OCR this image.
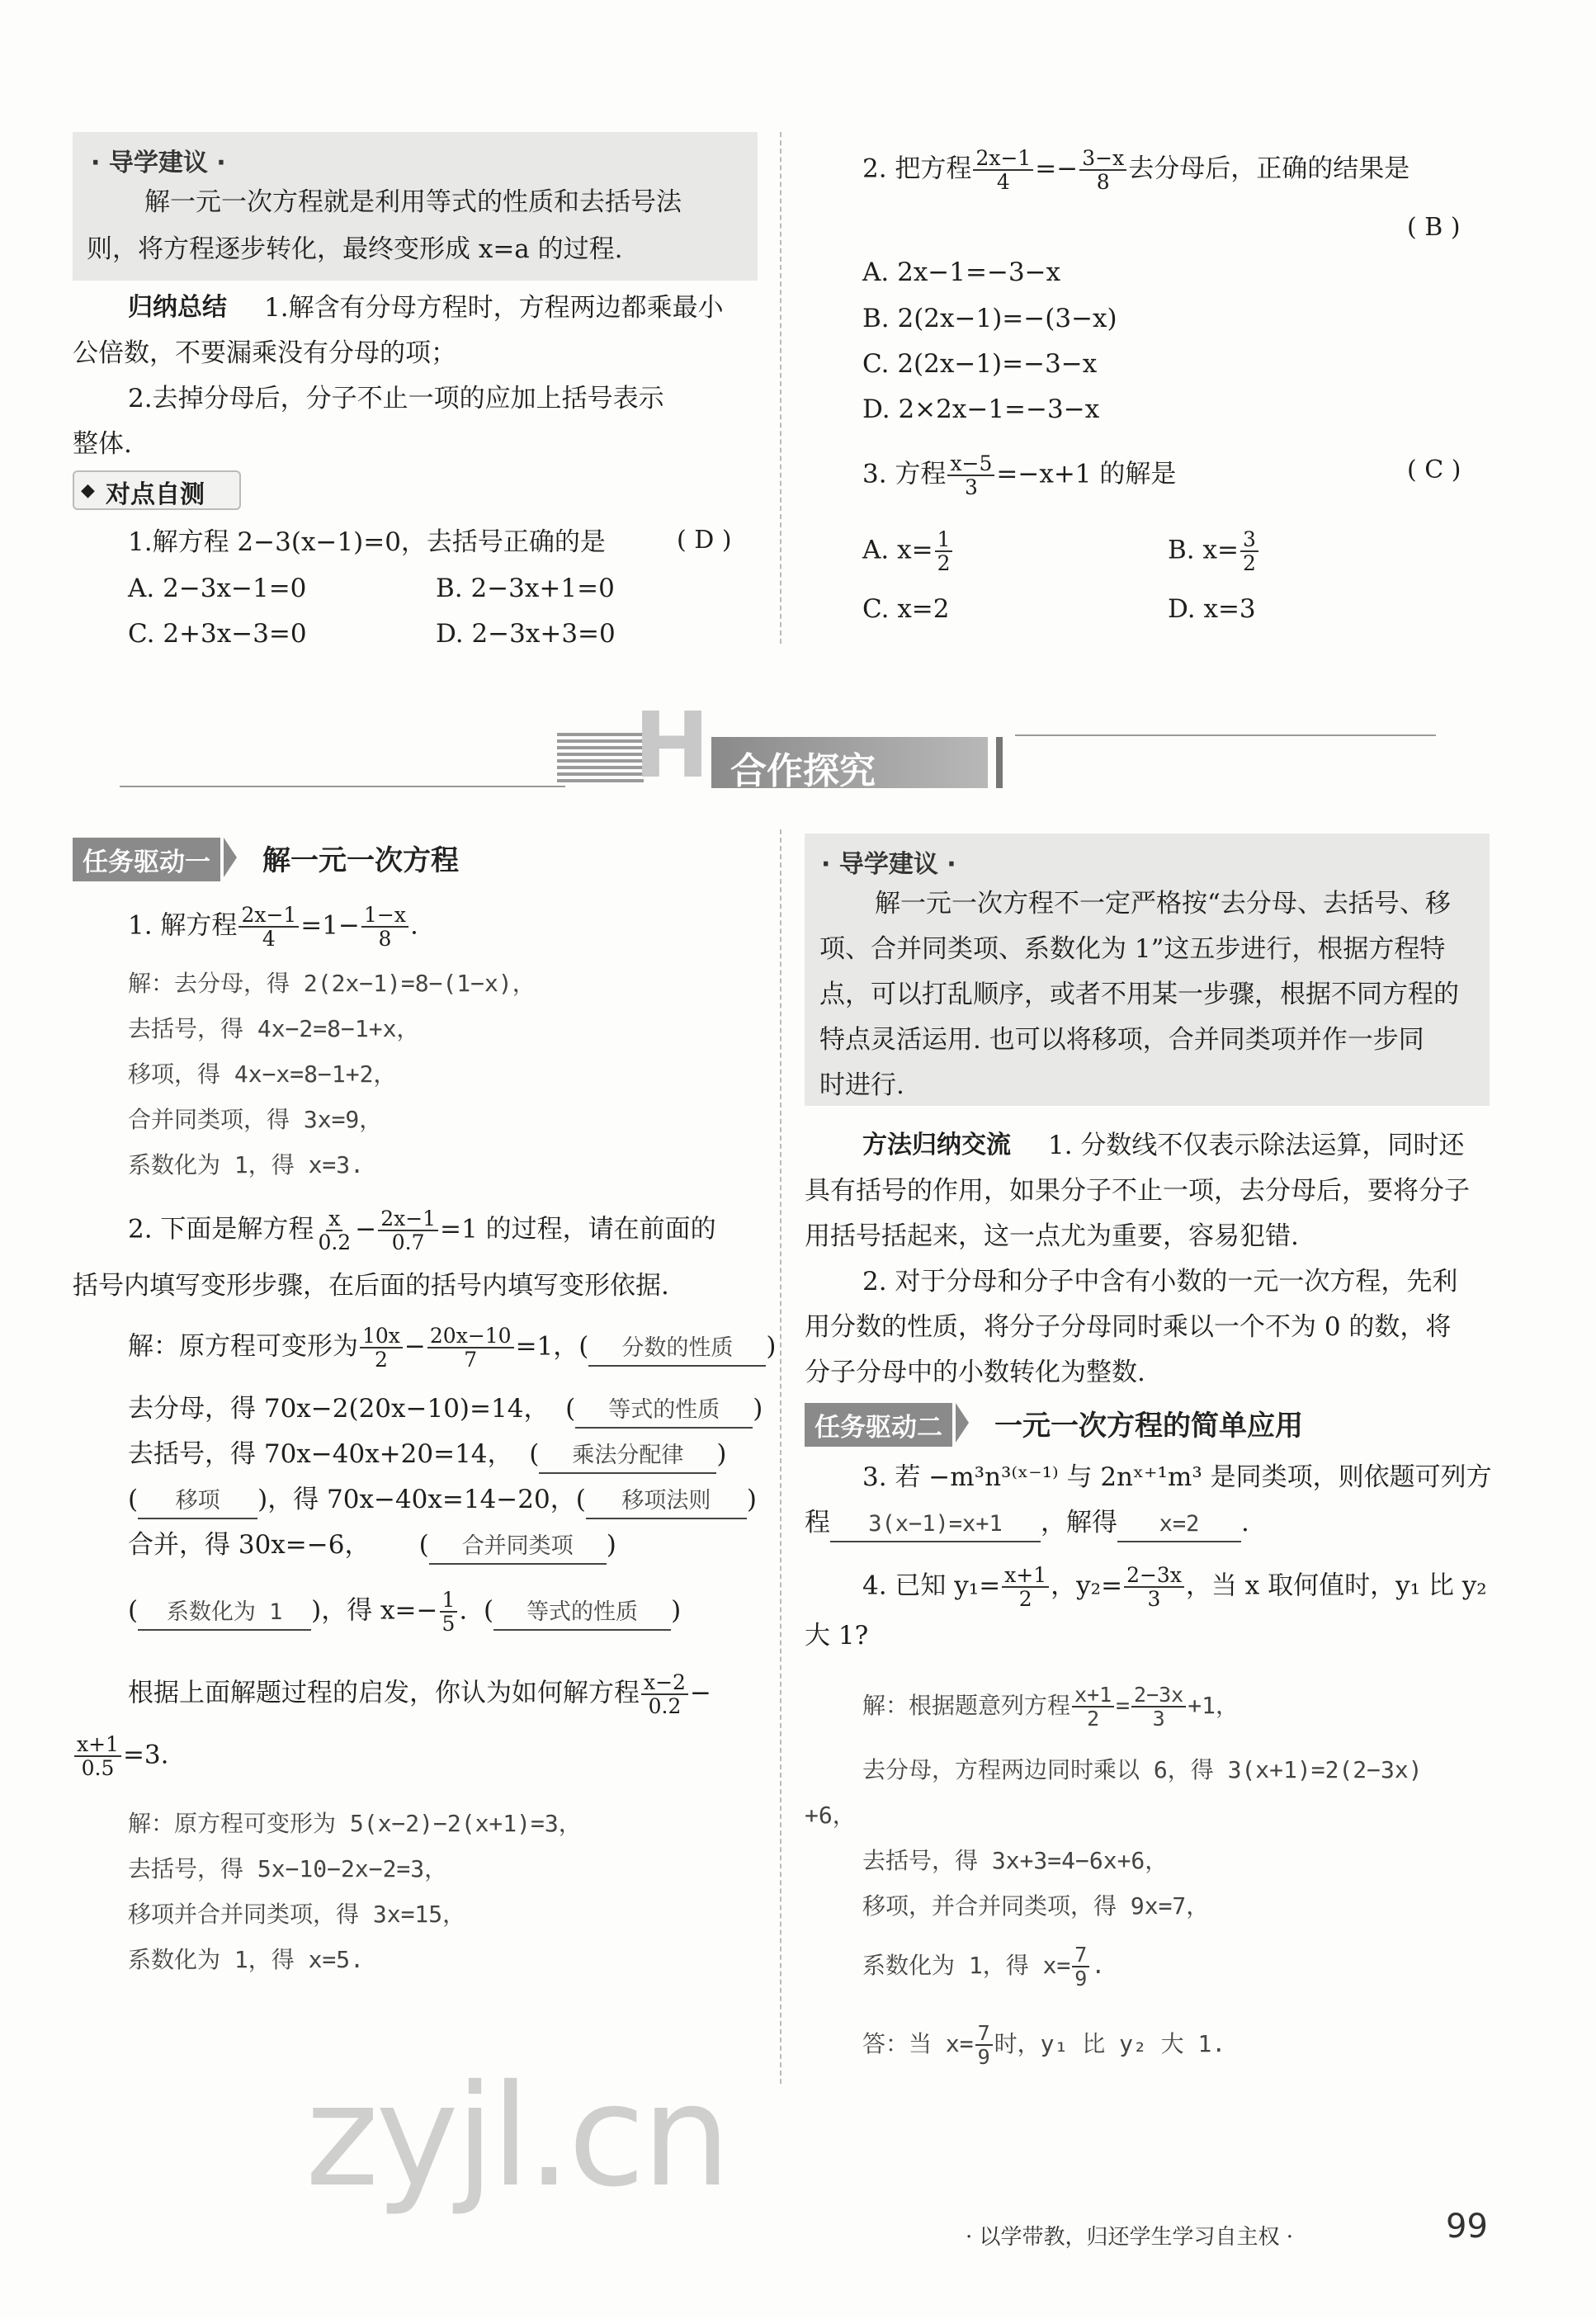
· 导学建议 ·
解一元一次方程就是利用等式的性质和去括号法
则，将方程逐步转化，最终变形成 x=a 的过程.
归纳总结 1.解含有分母方程时，方程两边都乘最小
公倍数，不要漏乘没有分母的项；
2.去掉分母后，分子不止一项的应加上括号表示
整体.
对点自测
◆
1.解方程 2−3(x−1)=0，去括号正确的是	( D )
A. 2−3x−1=0	B. 2−3x+1=0
C. 2+3x−3=0	D. 2−3x+3=0
2. 把方程 $\frac{2x-1}{4} =- \frac{3-x}{8}$ 去分母后，正确的结果是
( B )
A. 2x−1=−3−x
B. 2(2x−1)=−(3−x)
C. 2(2x−1)=−3−x
D. 2×2x−1=−3−x
3. 方程 $\frac{x-5}{3} =-x+1$ 的解是	( C )
A. $x= \frac{1}{2}$	B. $x= \frac{3}{2}$
C. x=2	D. x=3
H 合作探究
任务驱动一	解一元一次方程
1. 解方程 $\frac{2x-1}{4} =1- \frac{1-x}{8}$ .
解：去分母，得 2(2x−1)=8−(1−x)，
去括号，得 4x−2=8−1+x，
移项，得 4x−x=8−1+2，
合并同类项，得 3x=9，
系数化为 1，得 x=3.
2. 下面是解方程 $\frac{x}{0.2} - \frac{2x-1}{0.7} =1$ 的过程，请在前面的
括号内填写变形步骤，在后面的括号内填写变形依据.
解：原方程可变形为 $\frac{10x}{2} - \frac{20x-10}{7} =1$，( 分数的性质 )
去分母，得 70x−2(20x−10)=14，  ( 等式的性质 )
去括号，得 70x−40x+20=14，  ( 乘法分配律 )
( 移项 )，得 70x−40x=14−20，( 移项法则 )
合并，得 30x=−6，      ( 合并同类项 )
( 系数化为 1 )，得 $x=- \frac{1}{5}$ .  ( 等式的性质 )
根据上面解题过程的启发，你认为如何解方程 $\frac{x-2}{0.2}$ −
$\frac{x+1}{0.5} =3$.
解：原方程可变形为 5(x−2)−2(x+1)=3，
去括号，得 5x−10−2x−2=3，
移项并合并同类项，得 3x=15，
系数化为 1，得 x=5.
· 导学建议 ·
解一元一次方程不一定严格按“去分母、去括号、移
项、合并同类项、系数化为 1”这五步进行，根据方程特
点，可以打乱顺序，或者不用某一步骤，根据不同方程的
特点灵活运用. 也可以将移项，合并同类项并作一步同
时进行.
方法归纳交流 1. 分数线不仅表示除法运算，同时还
具有括号的作用，如果分子不止一项，去分母后，要将分子
用括号括起来，这一点尤为重要，容易犯错.
2. 对于分母和分子中含有小数的一元一次方程，先利
用分数的性质，将分子分母同时乘以一个不为 0 的数，将
分子分母中的小数转化为整数.
任务驱动二	一元一次方程的简单应用
3. 若 −m³n³⁽ˣ⁻¹⁾ 与 2nˣ⁺¹m³ 是同类项，则依题可列方
程 3(x−1)=x+1 ，解得 x=2 .
4. 已知 $y_1= \frac{x+1}{2}$ ，$y_2= \frac{2-3x}{3}$ ，当 x 取何值时，y₁ 比 y₂
大 1?
解：根据题意列方程 $\frac{x+1}{2} = \frac{2-3x}{3} +1$，
去分母，方程两边同时乘以 6，得 3(x+1)=2(2−3x)
+6，
去括号，得 3x+3=4−6x+6，
移项，并合并同类项，得 9x=7，
系数化为 1，得 $x= \frac{7}{9}$ .
答：当 $x= \frac{7}{9}$ 时，y₁ 比 y₂ 大 1.
zyjl.cn
· 以学带教，归还学生学习自主权 ·	99
